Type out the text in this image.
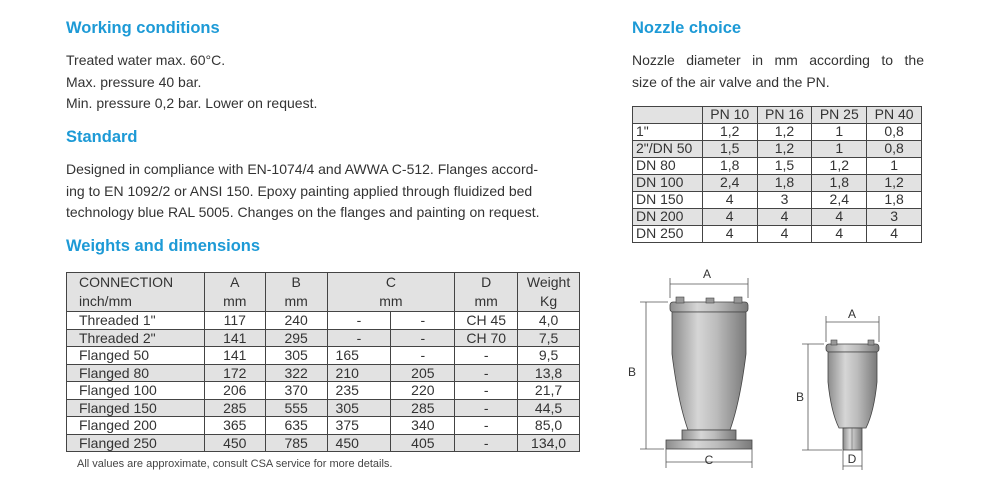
Working conditions
Treated water max. 60°C.
Max. pressure 40 bar.
Min. pressure 0,2 bar. Lower on request.
Standard
Designed in compliance with EN-1074/4 and AWWA C-512. Flanges accord-
ing to EN 1092/2 or ANSI 150. Epoxy painting applied through fluidized bed
technology blue RAL 5005. Changes on the flanges and painting on request.
Weights and dimensions
CONNECTION	A	B	C		D	Weight
inch/mm	mm	mm	mm		mm	Kg
Threaded 1"	117	240	-	-	CH 45	4,0
Threaded 2"	141	295	-	-	CH 70	7,5
Flanged 50	141	305	165	-	-	9,5
Flanged 80	172	322	210	205	-	13,8
Flanged 100	206	370	235	220	-	21,7
Flanged 150	285	555	305	285	-	44,5
Flanged 200	365	635	375	340	-	85,0
Flanged 250	450	785	450	405	-	134,0
All values are approximate, consult CSA service for more details.
Nozzle choice
Nozzle diameter in mm according to the
size of the air valve and the PN.
	PN 10	PN 16	PN 25	PN 40
1"	1,2	1,2	1	0,8
2"/DN 50	1,5	1,2	1	0,8
DN 80	1,8	1,5	1,2	1
DN 100	2,4	1,8	1,8	1,2
DN 150	4	3	2,4	1,8
DN 200	4	4	4	3
DN 250	4	4	4	4
A
B
C
A
B
D
